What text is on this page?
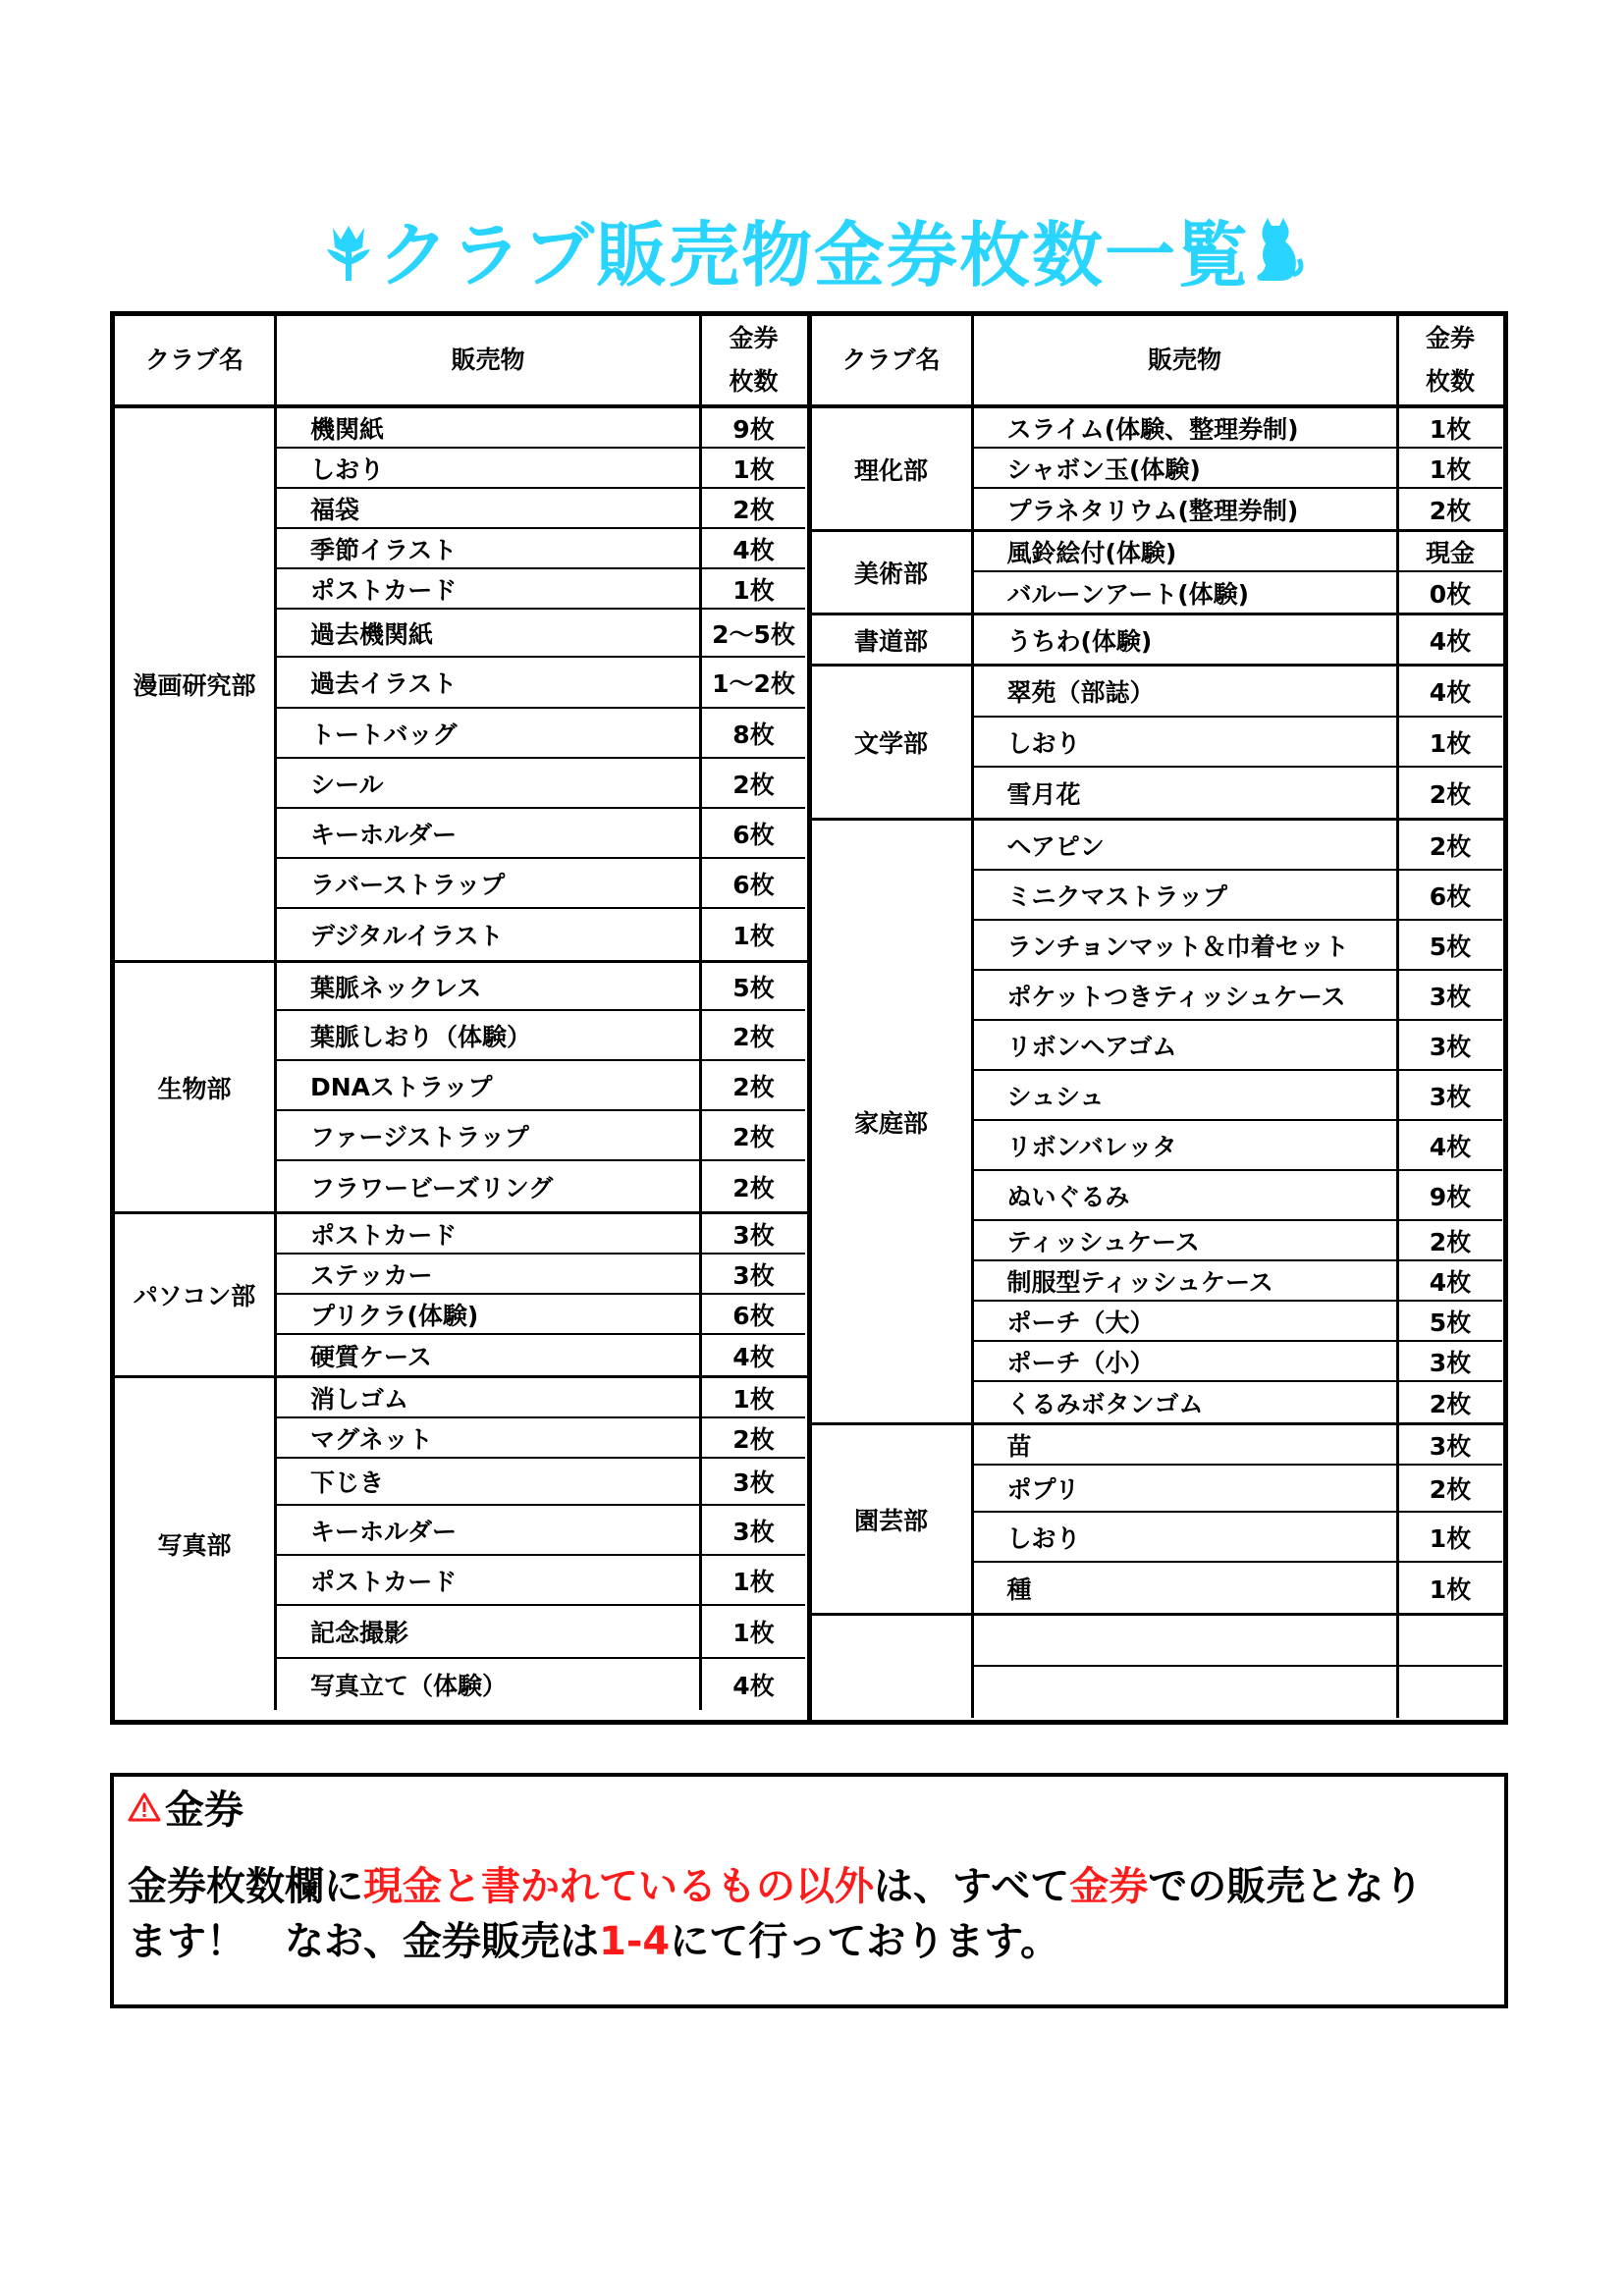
クラブ販売物金券枚数一覧
クラブ名	販売物
金券
枚数
漫画研究部
機関紙	9枚
しおり	1枚
福袋	2枚
季節イラスト	4枚
ポストカード	1枚
過去機関紙	2～5枚
過去イラスト	1～2枚
トートバッグ	8枚
シール	2枚
キーホルダー	6枚
ラバーストラップ	6枚
デジタルイラスト	1枚
生物部
葉脈ネックレス	5枚
葉脈しおり（体験）	2枚
DNAストラップ	2枚
ファージストラップ	2枚
フラワービーズリング	2枚
パソコン部
ポストカード	3枚
ステッカー	3枚
プリクラ(体験)	6枚
硬質ケース	4枚
写真部
消しゴム	1枚
マグネット	2枚
下じき	3枚
キーホルダー	3枚
ポストカード	1枚
記念撮影	1枚
写真立て（体験）	4枚
クラブ名	販売物
金券
枚数
理化部
スライム(体験、整理券制)	1枚
シャボン玉(体験)	1枚
プラネタリウム(整理券制)	2枚
美術部
風鈴絵付(体験)	現金
バルーンアート(体験)	0枚
書道部	うちわ(体験)	4枚
文学部
翠苑（部誌）	4枚
しおり	1枚
雪月花	2枚
家庭部
ヘアピン	2枚
ミニクマストラップ	6枚
ランチョンマット＆巾着セット	5枚
ポケットつきティッシュケース	3枚
リボンヘアゴム	3枚
シュシュ	3枚
リボンバレッタ	4枚
ぬいぐるみ	9枚
ティッシュケース	2枚
制服型ティッシュケース	4枚
ポーチ（大）	5枚
ポーチ（小）	3枚
くるみボタンゴム	2枚
園芸部
苗	3枚
ポプリ	2枚
しおり	1枚
種	1枚
金券
金券枚数欄に現金と書かれているもの以外は、すべて金券での販売となり
ます！　なお、金券販売は1-4にて行っております。
